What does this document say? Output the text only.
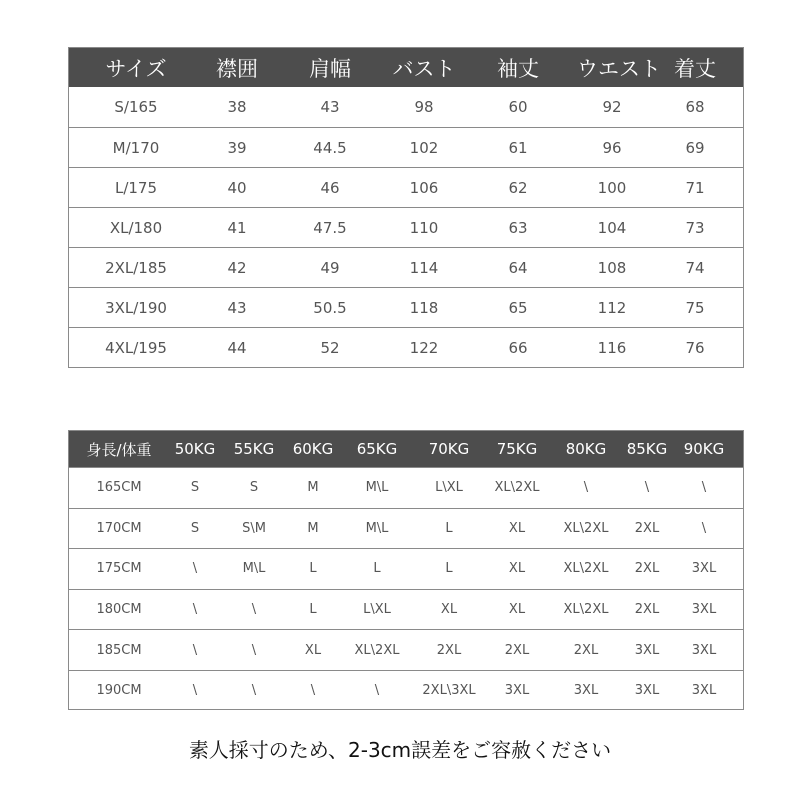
サイズ	襟囲	肩幅	バスト	袖丈	ウエスト 着丈
S/165	38	43	98	60	92	68
M/170	39	44.5	102	61	96	69
L/175	40	46	106	62	100	71
XL/180	41	47.5	110	63	104	73
2XL/185	42	49	114	64	108	74
3XL/190	43	50.5	118	65	112	75
4XL/195	44	52	122	66	116	76
身長/体重	50KG	55KG	60KG	65KG	70KG	75KG	80KG	85KG	90KG
165CM	S	S	M	M\L	L\XL	XL\2XL	\	\	\
170CM	S	S\M	M	M\L	L	XL	XL\2XL	2XL	\
175CM	\	M\L	L	L	L	XL	XL\2XL	2XL	3XL
180CM	\	\	L	L\XL	XL	XL	XL\2XL	2XL	3XL
185CM	\	\	XL	XL\2XL	2XL	2XL	2XL	3XL	3XL
190CM	\	\	\	\	2XL\3XL	3XL	3XL	3XL	3XL
素人採寸のため、2-3cm誤差をご容赦ください
